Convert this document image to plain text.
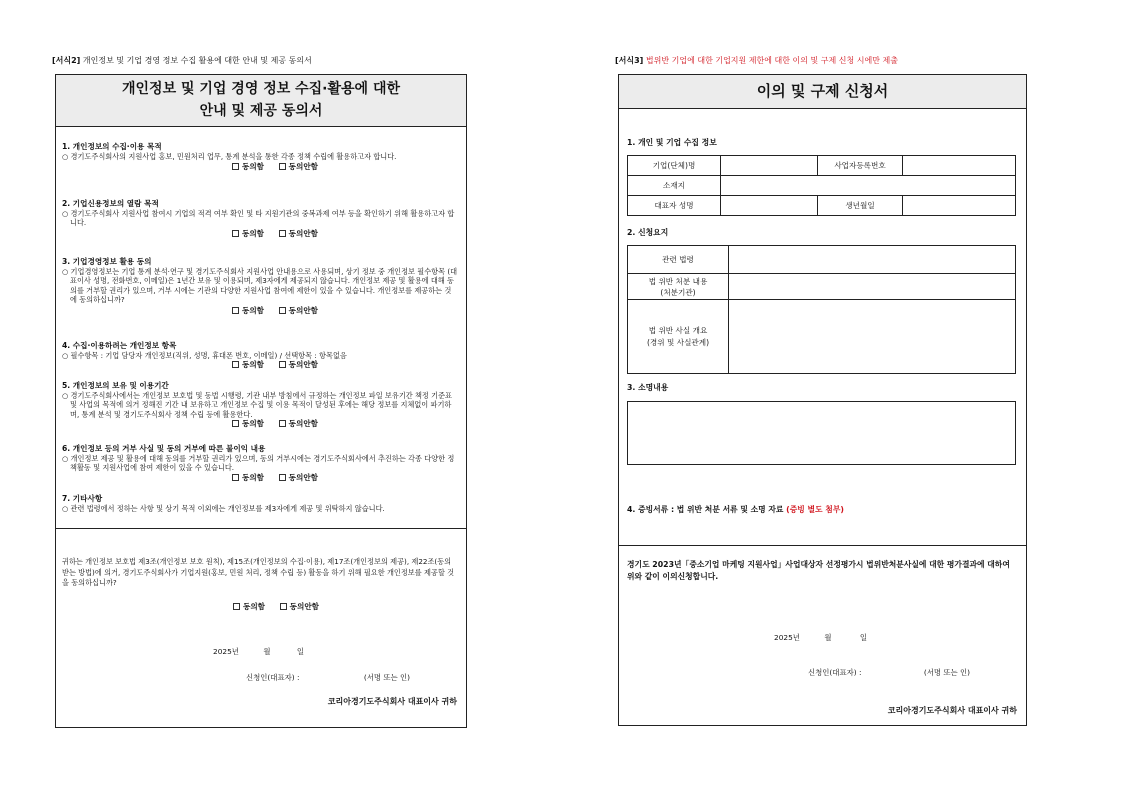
[서식2] 개인정보 및 기업 경영 정보 수집 활용에 대한 안내 및 제공 동의서
개인정보 및 기업 경영 정보 수집·활용에 대한
안내 및 제공 동의서
1. 개인정보의 수집·이용 목적
○ 경기도주식회사의 지원사업 홍보, 민원처리 업무, 통계 분석을 통한 각종 정책 수립에 활용하고자 합니다.
동의함	동의안함
2. 기업신용정보의 열람 목적
○ 경기도주식회사 지원사업 참여시 기업의 적격 여부 확인 및 타 지원기관의 중복과제 여부 등을 확인하기 위해 활용하고자 합니다.
동의함	동의안함
3. 기업경영정보 활용 동의
○ 기업경영정보는 기업 통계 분석·연구 및 경기도주식회사 지원사업 안내용으로 사용되며, 상기 정보 중 개인정보 필수항목 (대표이사 성명, 전화번호, 이메일)은 1년간 보유 및 이용되며, 제3자에게 제공되지 않습니다. 개인정보 제공 및 활용에 대해 동의를 거부할 권리가 있으며, 거부 시에는 기관의 다양한 지원사업 참여에 제한이 있을 수 있습니다. 개인정보를 제공하는 것에 동의하십니까?
동의함	동의안함
4. 수집·이용하려는 개인정보 항목
○ 필수항목 : 기업 담당자 개인정보(직위, 성명, 휴대폰 번호, 이메일) / 선택항목 : 항목없음
동의함	동의안함
5. 개인정보의 보유 및 이용기간
○ 경기도주식회사에서는 개인정보 보호법 및 동법 시행령, 기관 내부 방침에서 규정하는 개인정보 파일 보유기간 책정 기준표 및 사업의 목적에 의거 정해진 기간 내 보유하고 개인정보 수집 및 이용 목적이 달성된 후에는 해당 정보를 지체없이 파기하며, 통계 분석 및 경기도주식회사 정책 수립 등에 활용한다.
동의함	동의안함
6. 개인정보 등의 거부 사실 및 동의 거부에 따른 불이익 내용
○ 개인정보 제공 및 활용에 대해 동의를 거부할 권리가 있으며, 동의 거부시에는 경기도주식회사에서 추진하는 각종 다양한 정책활동 및 지원사업에 참여 제한이 있을 수 있습니다.
동의함	동의안함
7. 기타사항
○ 관련 법령에서 정하는 사항 및 상기 목적 이외에는 개인정보를 제3자에게 제공 및 위탁하지 않습니다.
귀하는 개인정보 보호법 제3조(개인정보 보호 원칙), 제15조(개인정보의 수집·이용), 제17조(개인정보의 제공), 제22조(동의받는 방법)에 의거, 경기도주식회사가 기업지원(홍보, 민원 처리, 정책 수립 등) 활동을 하기 위해 필요한 개인정보를 제공할 것을 동의하십니까?
동의함	동의안함
2025년	월	일
신청인(대표자) :	(서명 또는 인)
코리아경기도주식회사 대표이사 귀하
[서식3] 법위반 기업에 대한 기업지원 제한에 대한 이의 및 구제 신청 시에만 제출
이의 및 구제 신청서
1. 개인 및 기업 수집 정보
기업(단체)명		사업자등록번호	
소재지			
대표자 성명		생년월일	
2. 신청요지
관련 법령	
법 위반 처분 내용
(처분기관)	
법 위반 사실 개요
(경위 및 사실관계)	
3. 소명내용
4. 증빙서류 : 법 위반 처분 서류 및 소명 자료 (증빙 별도 첨부)
경기도 2023년「중소기업 마케팅 지원사업」사업대상자 선정평가시 법위반처분사실에 대한 평가결과에 대하여 위와 같이 이의신청합니다.
2025년	월	일
신청인(대표자) :	(서명 또는 인)
코리아경기도주식회사 대표이사 귀하
